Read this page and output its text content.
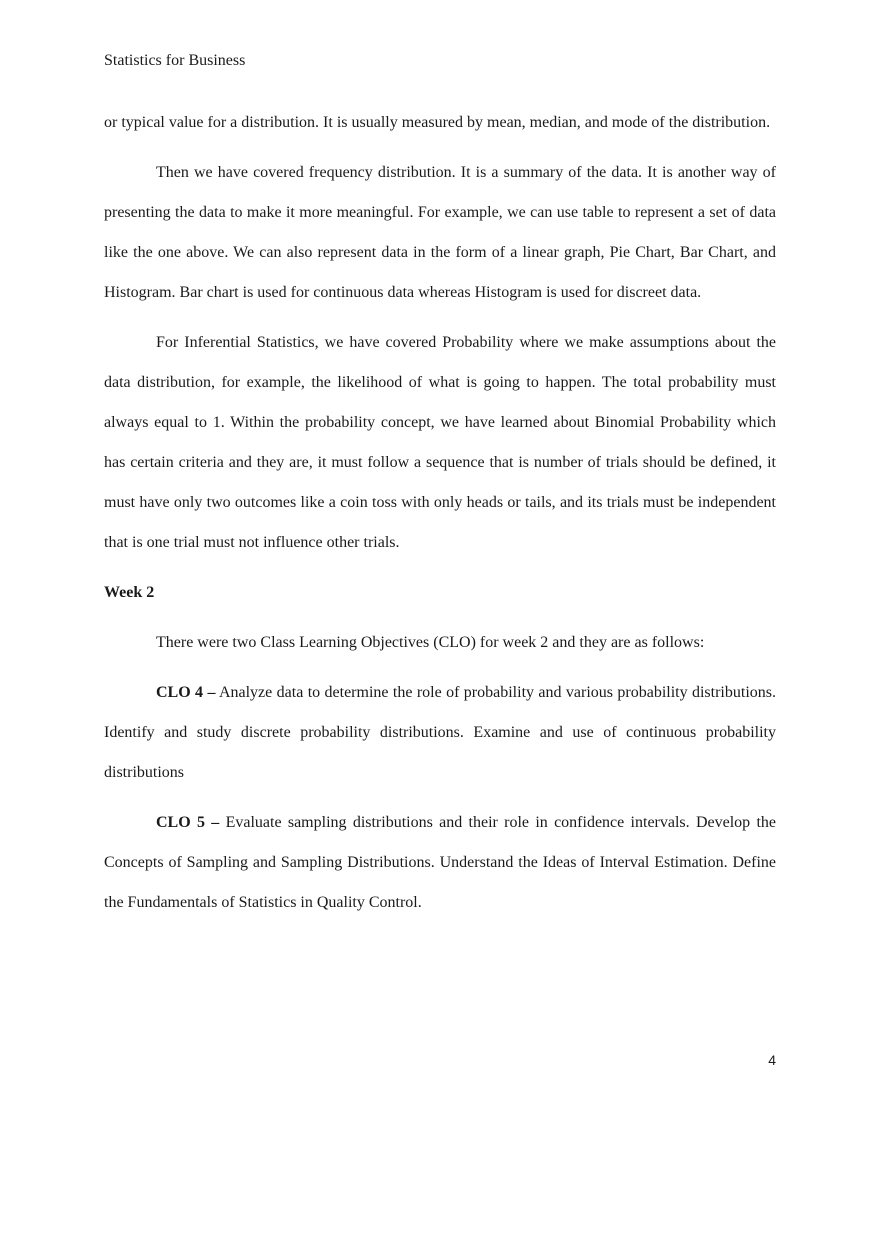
Statistics for Business

or typical value for a distribution. It is usually measured by mean, median, and mode of the distribution.

Then we have covered frequency distribution. It is a summary of the data. It is another way of presenting the data to make it more meaningful. For example, we can use table to represent a set of data like the one above. We can also represent data in the form of a linear graph, Pie Chart, Bar Chart, and Histogram. Bar chart is used for continuous data whereas Histogram is used for discreet data.

For Inferential Statistics, we have covered Probability where we make assumptions about the data distribution, for example, the likelihood of what is going to happen. The total probability must always equal to 1. Within the probability concept, we have learned about Binomial Probability which has certain criteria and they are, it must follow a sequence that is number of trials should be defined, it must have only two outcomes like a coin toss with only heads or tails, and its trials must be independent that is one trial must not influence other trials.

Week 2

There were two Class Learning Objectives (CLO) for week 2 and they are as follows:

CLO 4 – Analyze data to determine the role of probability and various probability distributions. Identify and study discrete probability distributions. Examine and use of continuous probability distributions

CLO 5 – Evaluate sampling distributions and their role in confidence intervals. Develop the Concepts of Sampling and Sampling Distributions. Understand the Ideas of Interval Estimation. Define the Fundamentals of Statistics in Quality Control.

4
